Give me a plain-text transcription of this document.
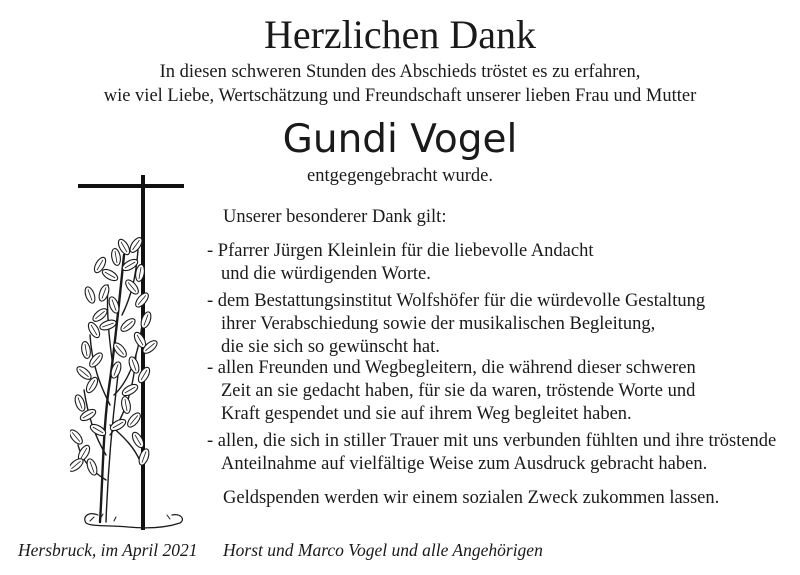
Herzlichen Dank
In diesen schweren Stunden des Abschieds tröstet es zu erfahren,
wie viel Liebe, Wertschätzung und Freundschaft unserer lieben Frau und Mutter
Gundi Vogel
entgegengebracht wurde.
Unserer besonderer Dank gilt:
- Pfarrer Jürgen Kleinlein für die liebevolle Andacht
und die würdigenden Worte.
- dem Bestattungsinstitut Wolfshöfer für die würdevolle Gestaltung
ihrer Verabschiedung sowie der musikalischen Begleitung,
die sie sich so gewünscht hat.
- allen Freunden und Wegbegleitern, die während dieser schweren
Zeit an sie gedacht haben, für sie da waren, tröstende Worte und
Kraft gespendet und sie auf ihrem Weg begleitet haben.
- allen, die sich in stiller Trauer mit uns verbunden fühlten und ihre tröstende
Anteilnahme auf vielfältige Weise zum Ausdruck gebracht haben.
Geldspenden werden wir einem sozialen Zweck zukommen lassen.
Hersbruck, im April 2021 Horst und Marco Vogel und alle Angehörigen
